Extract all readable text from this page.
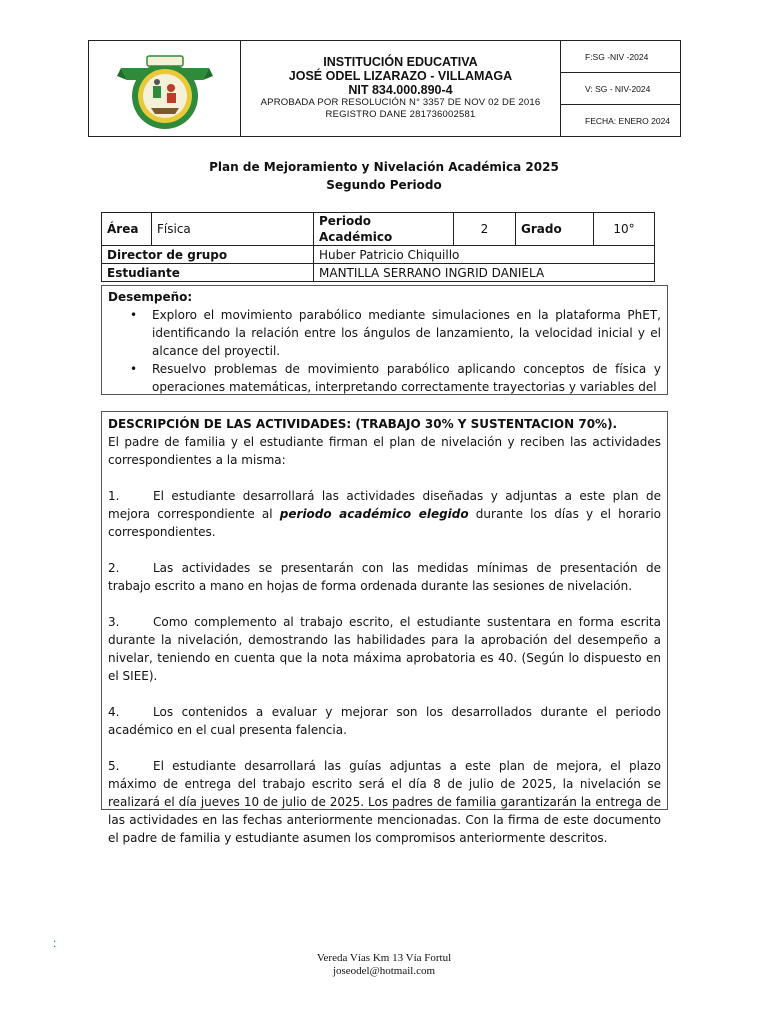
INSTITUCIÓN EDUCATIVA
JOSÉ ODEL LIZARAZO - VILLAMAGA
NIT 834.000.890-4
APROBADA POR RESOLUCIÓN N° 3357 DE NOV 02 DE 2016
REGISTRO DANE 281736002581
F:SG -NIV -2024
V: SG - NIV-2024
FECHA: ENERO 2024
Plan de Mejoramiento y Nivelación Académica 2025
Segundo Periodo
Área	Física	Periodo Académico	2	Grado	10°
Director de grupo		Huber Patricio Chiquillo			
Estudiante		MANTILLA SERRANO INGRID DANIELA			
Desempeño:
• Exploro el movimiento parabólico mediante simulaciones en la plataforma PhET, identificando la relación entre los ángulos de lanzamiento, la velocidad inicial y el alcance del proyectil.
• Resuelvo problemas de movimiento parabólico aplicando conceptos de física y operaciones matemáticas, interpretando correctamente trayectorias y variables del
DESCRIPCIÓN DE LAS ACTIVIDADES: (TRABAJO 30% Y SUSTENTACION 70%).

El padre de familia y el estudiante firman el plan de nivelación y reciben las actividades correspondientes a la misma:

1.	El estudiante desarrollará las actividades diseñadas y adjuntas a este plan de mejora correspondiente al periodo académico elegido durante los días y el horario correspondientes.

2.	Las actividades se presentarán con las medidas mínimas de presentación de trabajo escrito a mano en hojas de forma ordenada durante las sesiones de nivelación.

3.	Como complemento al trabajo escrito, el estudiante sustentara en forma escrita durante la nivelación, demostrando las habilidades para la aprobación del desempeño a nivelar, teniendo en cuenta que la nota máxima aprobatoria es 40. (Según lo dispuesto en el SIEE).

4.	Los contenidos a evaluar y mejorar son los desarrollados durante el periodo académico en el cual presenta falencia.

5.	El estudiante desarrollará las guías adjuntas a este plan de mejora, el plazo máximo de entrega del trabajo escrito será el día 8 de julio de 2025, la nivelación se realizará el día jueves 10 de julio de 2025. Los padres de familia garantizarán la entrega de las actividades en las fechas anteriormente mencionadas. Con la firma de este documento el padre de familia y estudiante asumen los compromisos anteriormente descritos.

:
Vereda Vías Km 13 Vía Fortul
joseodel@hotmail.com
